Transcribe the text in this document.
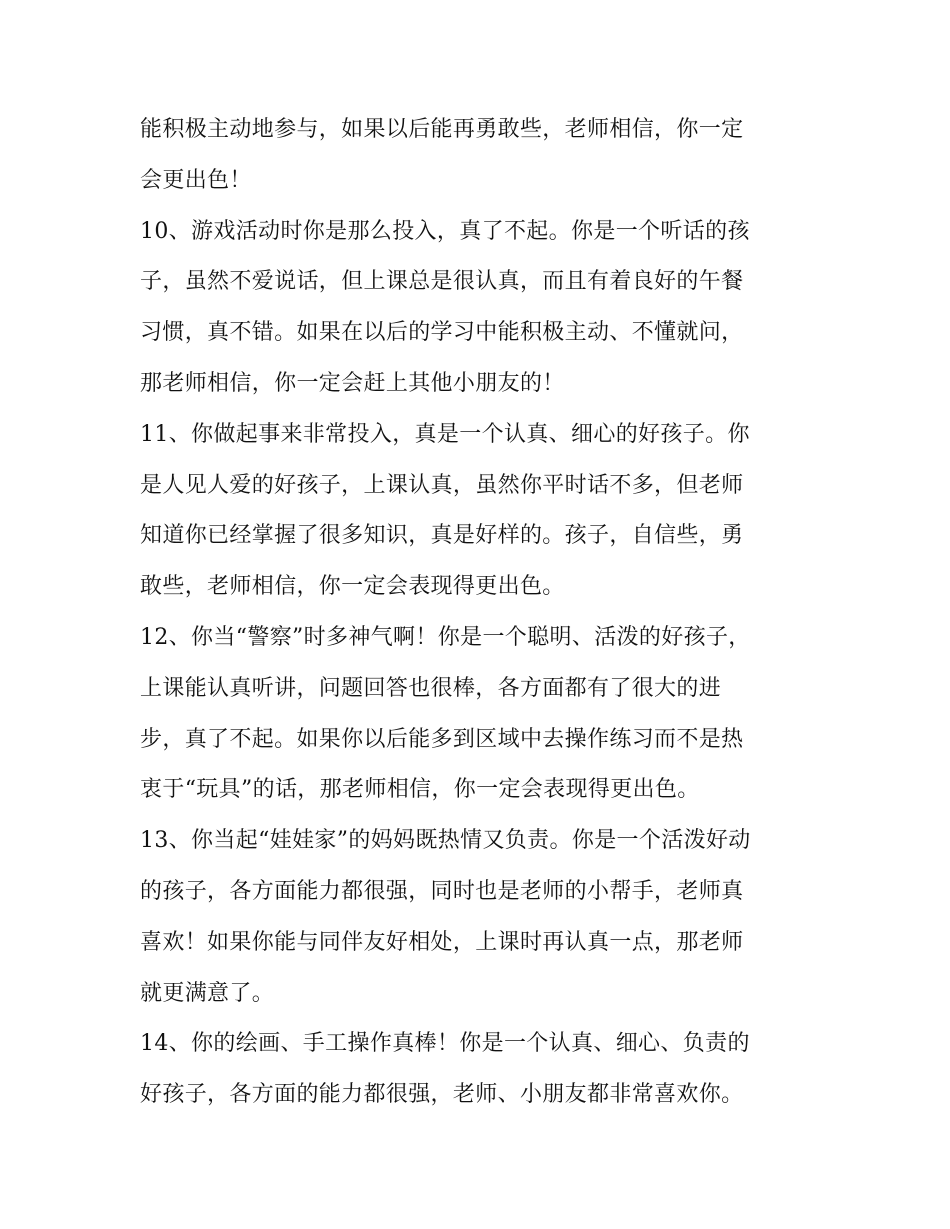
能积极主动地参与，如果以后能再勇敢些，老师相信，你一定
会更出色！
10、游戏活动时你是那么投入，真了不起。你是一个听话的孩
子，虽然不爱说话，但上课总是很认真，而且有着良好的午餐
习惯，真不错。如果在以后的学习中能积极主动、不懂就问，
那老师相信，你一定会赶上其他小朋友的！
11、你做起事来非常投入，真是一个认真、细心的好孩子。你
是人见人爱的好孩子，上课认真，虽然你平时话不多，但老师
知道你已经掌握了很多知识，真是好样的。孩子，自信些，勇
敢些，老师相信，你一定会表现得更出色。
12、你当“警察”时多神气啊！你是一个聪明、活泼的好孩子，
上课能认真听讲，问题回答也很棒，各方面都有了很大的进
步，真了不起。如果你以后能多到区域中去操作练习而不是热
衷于“玩具”的话，那老师相信，你一定会表现得更出色。
13、你当起“娃娃家”的妈妈既热情又负责。你是一个活泼好动
的孩子，各方面能力都很强，同时也是老师的小帮手，老师真
喜欢！如果你能与同伴友好相处，上课时再认真一点，那老师
就更满意了。
14、你的绘画、手工操作真棒！你是一个认真、细心、负责的
好孩子，各方面的能力都很强，老师、小朋友都非常喜欢你。
